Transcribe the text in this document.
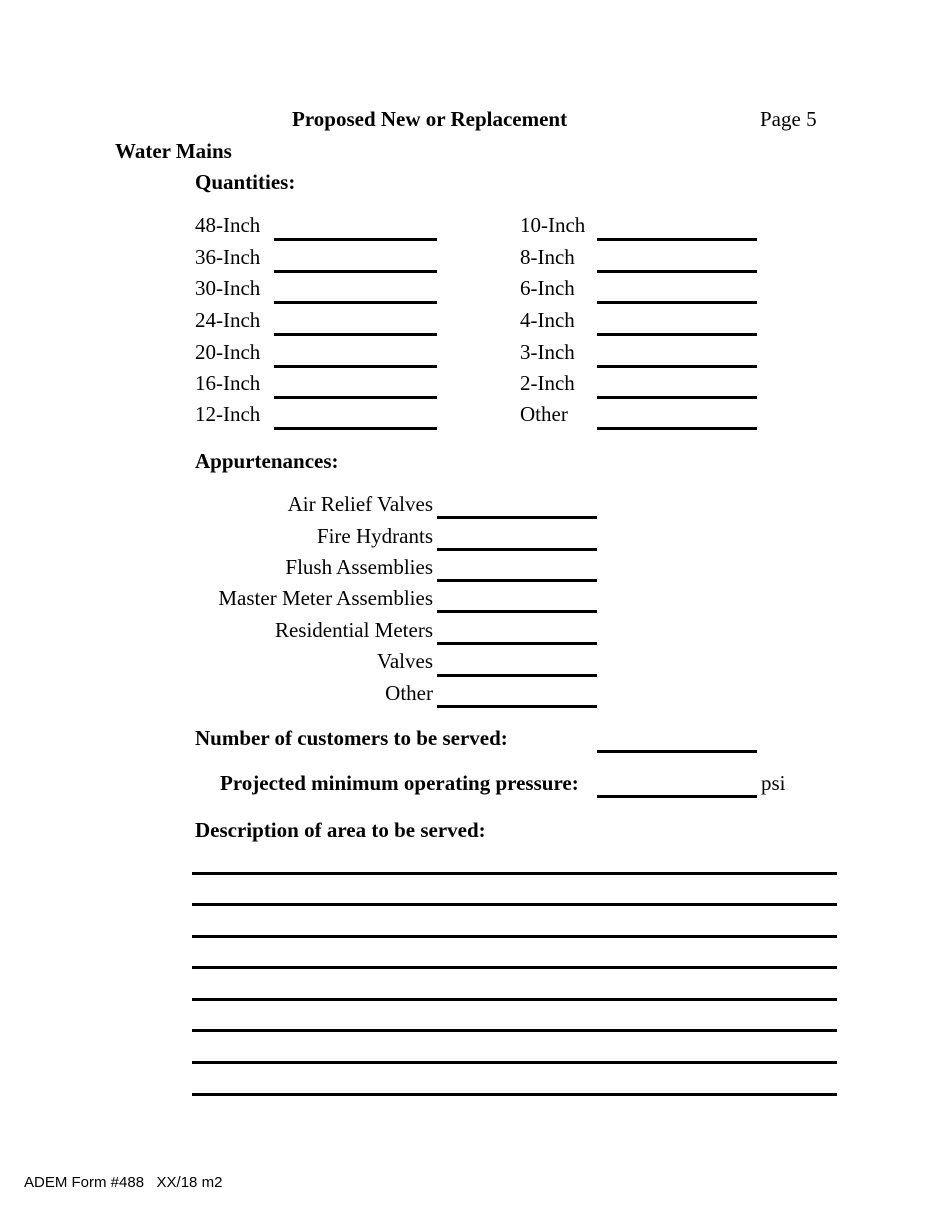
Proposed New or Replacement	Page 5
Water Mains
Quantities:
48-Inch
36-Inch
30-Inch
24-Inch
20-Inch
16-Inch
12-Inch
10-Inch
8-Inch
6-Inch
4-Inch
3-Inch
2-Inch
Other
Appurtenances:
Air Relief Valves
Fire Hydrants
Flush Assemblies
Master Meter Assemblies
Residential Meters
Valves
Other
Number of customers to be served:
Projected minimum operating pressure:	psi
Description of area to be served:
ADEM Form #488   XX/18 m2
